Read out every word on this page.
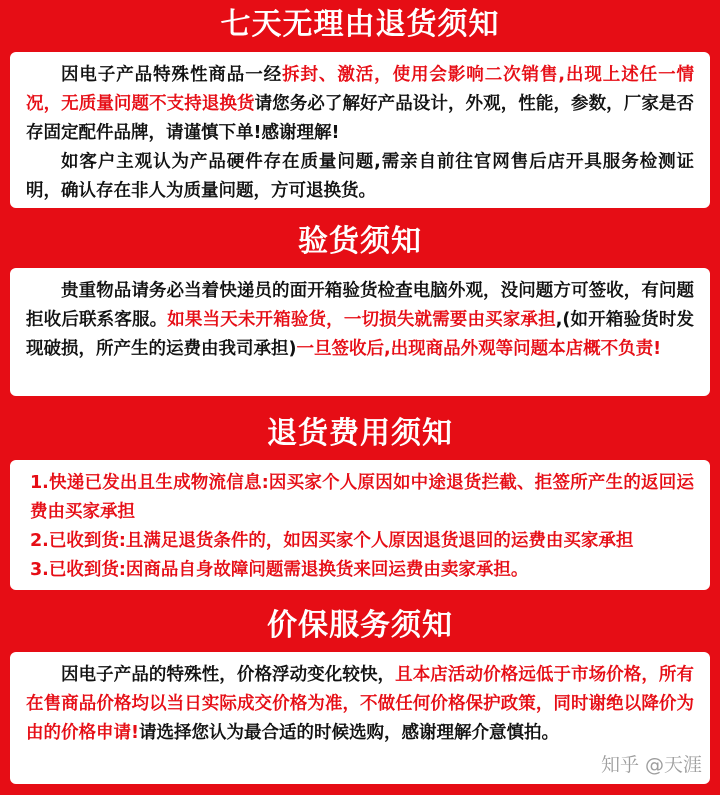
七天无理由退货须知

因电子产品特殊性商品一经拆封、激活，使用会影响二次销售,出现上述任一情况，无质量问题不支持退换货请您务必了解好产品设计，外观，性能，参数，厂家是否存固定配件品牌，请谨慎下单!感谢理解!

如客户主观认为产品硬件存在质量问题,需亲自前往官网售后店开具服务检测证明，确认存在非人为质量问题，方可退换货。

验货须知

贵重物品请务必当着快递员的面开箱验货检查电脑外观，没问题方可签收，有问题拒收后联系客服。如果当天未开箱验货，一切损失就需要由买家承担,(如开箱验货时发现破损，所产生的运费由我司承担)一旦签收后,出现商品外观等问题本店概不负责!

退货费用须知

1.快递已发出且生成物流信息:因买家个人原因如中途退货拦截、拒签所产生的返回运费由买家承担

2.已收到货:且满足退货条件的，如因买家个人原因退货退回的运费由买家承担

3.已收到货:因商品自身故障问题需退换货来回运费由卖家承担。

价保服务须知

因电子产品的特殊性，价格浮动变化较快，且本店活动价格远低于市场价格，所有在售商品价格均以当日实际成交价格为准，不做任何价格保护政策，同时谢绝以降价为由的价格申请!请选择您认为最合适的时候选购，感谢理解介意慎拍。

知乎 @天涯
